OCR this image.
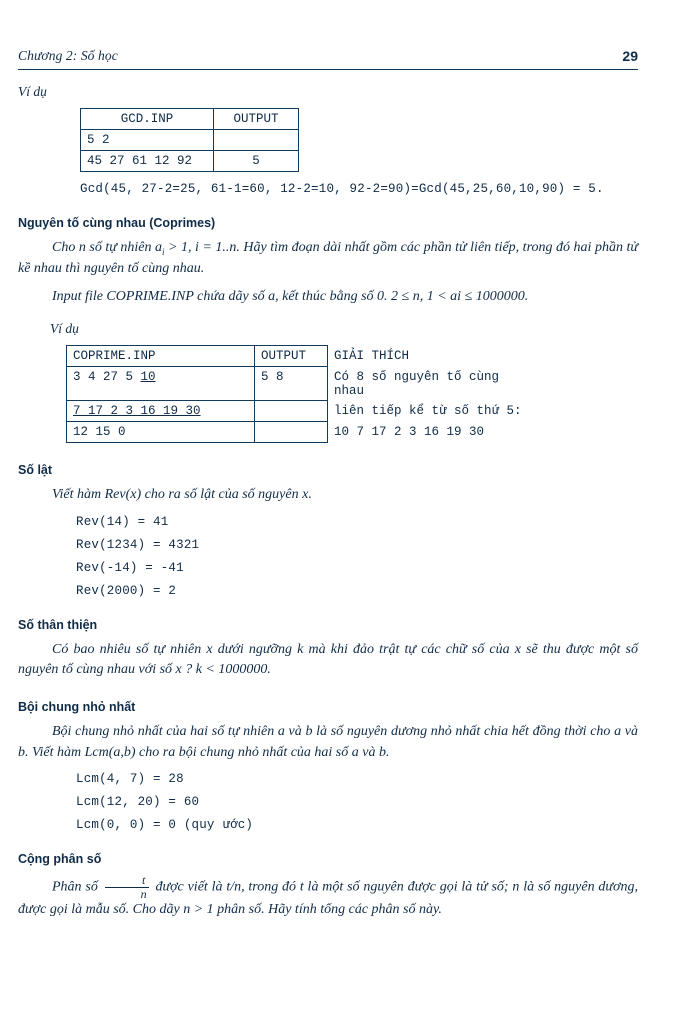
Chương 2: Số học	29
Ví dụ
GCD.INP	OUTPUT
5 2	
45 27 61 12 92	5
Gcd(45, 27-2=25, 61-1=60, 12-2=10, 92-2=90)=Gcd(45,25,60,10,90) = 5.
Nguyên tố cùng nhau (Coprimes)
Cho n số tự nhiên $a_i > 1$, i = 1..n. Hãy tìm đoạn dài nhất gồm các phần tử liên tiếp, trong đó hai phần tử kề nhau thì nguyên tố cùng nhau.
Input file COPRIME.INP chứa dãy số a, kết thúc bằng số 0. 2 ≤ n, 1 < ai ≤ 1000000.
Ví dụ
COPRIME.INP	OUTPUT	GIẢI THÍCH
3 4 27 5 10	5 8	Có 8 số nguyên tố cùng nhau
7 17 2 3 16 19 30		liên tiếp kể từ số thứ 5:
12 15 0		10 7 17 2 3 16 19 30
Số lật
Viết hàm Rev(x) cho ra số lật của số nguyên x.
Rev(14) = 41
Rev(1234) = 4321
Rev(-14) = -41
Rev(2000) = 2
Số thân thiện
Có bao nhiêu số tự nhiên x dưới ngưỡng k mà khi đảo trật tự các chữ số của x sẽ thu được một số nguyên tố cùng nhau với số x ? k < 1000000.
Bội chung nhỏ nhất
Bội chung nhỏ nhất của hai số tự nhiên a và b là số nguyên dương nhỏ nhất chia hết đồng thời cho a và b. Viết hàm Lcm(a,b) cho ra bội chung nhỏ nhất của hai số a và b.
Lcm(4, 7) = 28
Lcm(12, 20) = 60
Lcm(0, 0) = 0 (quy ước)
Cộng phân số
Phân số $\frac{t}{n}$ được viết là t/n, trong đó t là một số nguyên được gọi là tử số; n là số nguyên dương, được gọi là mẫu số. Cho dãy n > 1 phân số. Hãy tính tổng các phân số này.
